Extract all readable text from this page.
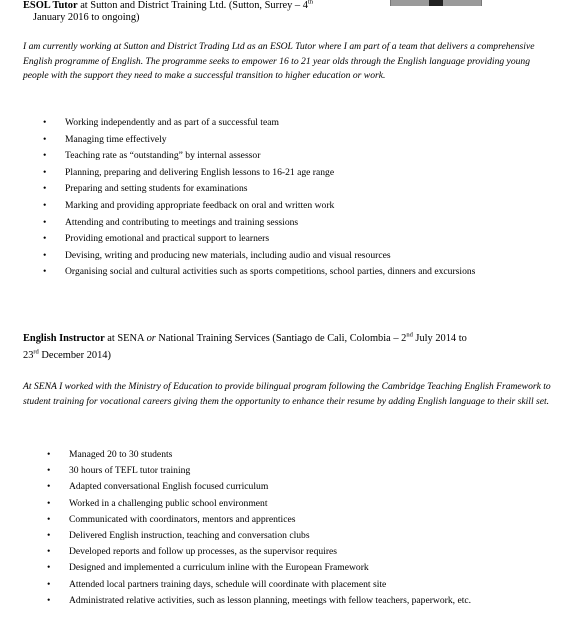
ESOL Tutor at Sutton and District Training Ltd. (Sutton, Surrey – 4th
January 2016 to ongoing)
I am currently working at Sutton and District Trading Ltd as an ESOL Tutor where I am part of a team that delivers a comprehensive English programme of English. The programme seeks to empower 16 to 21 year olds through the English language providing young people with the support they need to make a successful transition to higher education or work.
• Working independently and as part of a successful team
• Managing time effectively
• Teaching rate as “outstanding” by internal assessor
• Planning, preparing and delivering English lessons to 16-21 age range
• Preparing and setting students for examinations
• Marking and providing appropriate feedback on oral and written work
• Attending and contributing to meetings and training sessions
• Providing emotional and practical support to learners
• Devising, writing and producing new materials, including audio and visual resources
• Organising social and cultural activities such as sports competitions, school parties, dinners and excursions
English Instructor at SENA or National Training Services (Santiago de Cali, Colombia – 2nd July 2014 to
23rd December 2014)
At SENA I worked with the Ministry of Education to provide bilingual program following the Cambridge Teaching English Framework to student training for vocational careers giving them the opportunity to enhance their resume by adding English language to their skill set.
• Managed 20 to 30 students
• 30 hours of TEFL tutor training
• Adapted conversational English focused curriculum
• Worked in a challenging public school environment
• Communicated with coordinators, mentors and apprentices
• Delivered English instruction, teaching and conversation clubs
• Developed reports and follow up processes, as the supervisor requires
• Designed and implemented a curriculum inline with the European Framework
• Attended local partners training days, schedule will coordinate with placement site
• Administrated relative activities, such as lesson planning, meetings with fellow teachers, paperwork, etc.
